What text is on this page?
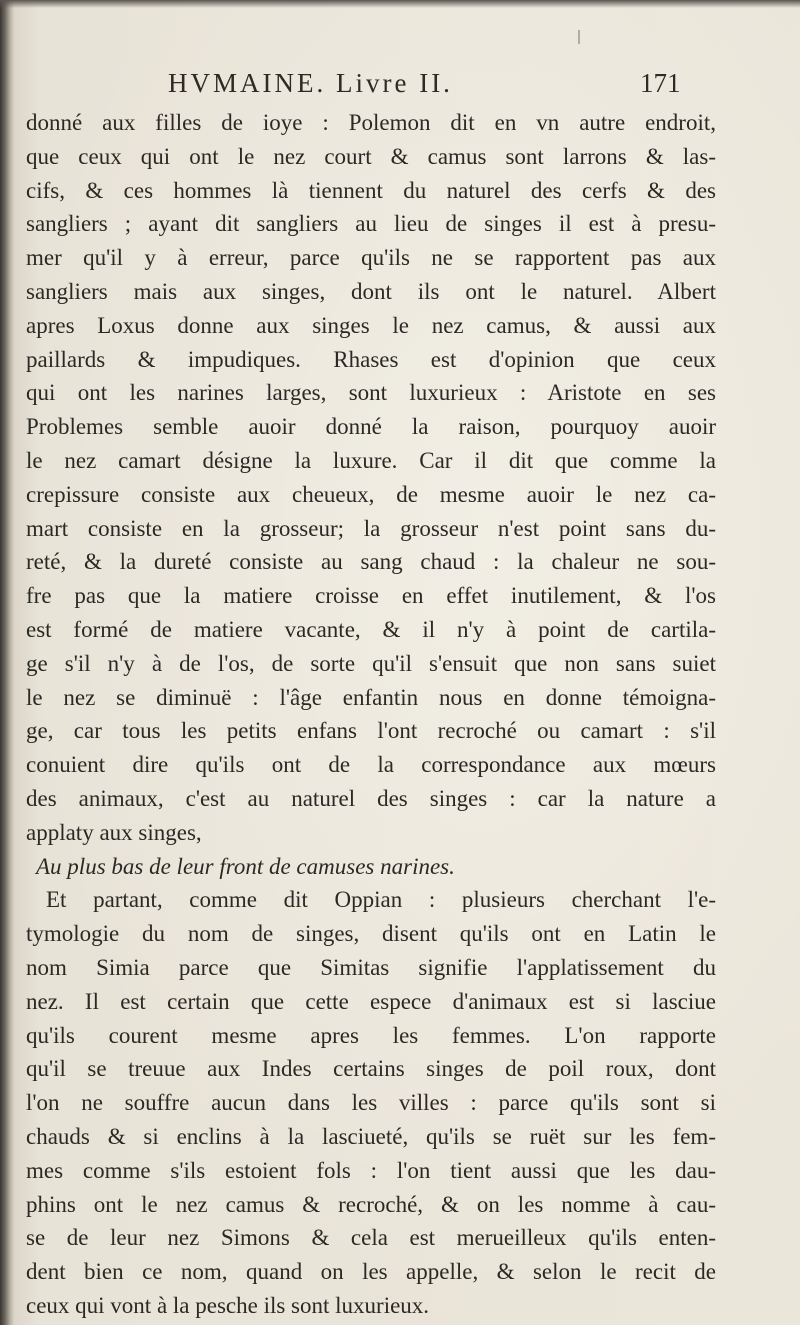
HVMAINE. Livre II.	171
donné aux filles de ioye : Polemon dit en vn autre endroit,
que ceux qui ont le nez court & camus sont larrons & las-
cifs, & ces hommes là tiennent du naturel des cerfs & des
sangliers ; ayant dit sangliers au lieu de singes il est à presu-
mer qu'il y à erreur, parce qu'ils ne se rapportent pas aux
sangliers mais aux singes, dont ils ont le naturel. Albert
apres Loxus donne aux singes le nez camus, & aussi aux
paillards & impudiques. Rhases est d'opinion que ceux
qui ont les narines larges, sont luxurieux : Aristote en ses
Problemes semble auoir donné la raison, pourquoy auoir
le nez camart désigne la luxure. Car il dit que comme la
crepissure consiste aux cheueux, de mesme auoir le nez ca-
mart consiste en la grosseur; la grosseur n'est point sans du-
reté, & la dureté consiste au sang chaud : la chaleur ne sou-
fre pas que la matiere croisse en effet inutilement, & l'os
est formé de matiere vacante, & il n'y à point de cartila-
ge s'il n'y à de l'os, de sorte qu'il s'ensuit que non sans suiet
le nez se diminuë : l'âge enfantin nous en donne témoigna-
ge, car tous les petits enfans l'ont recroché ou camart : s'il
conuient dire qu'ils ont de la correspondance aux mœurs
des animaux, c'est au naturel des singes : car la nature a
applaty aux singes,
Au plus bas de leur front de camuses narines.
Et partant, comme dit Oppian : plusieurs cherchant l'e-
tymologie du nom de singes, disent qu'ils ont en Latin le
nom Simia parce que Simitas signifie l'applatissement du
nez. Il est certain que cette espece d'animaux est si lasciue
qu'ils courent mesme apres les femmes. L'on rapporte
qu'il se treuue aux Indes certains singes de poil roux, dont
l'on ne souffre aucun dans les villes : parce qu'ils sont si
chauds & si enclins à la lasciueté, qu'ils se ruët sur les fem-
mes comme s'ils estoient fols : l'on tient aussi que les dau-
phins ont le nez camus & recroché, & on les nomme à cau-
se de leur nez Simons & cela est merueilleux qu'ils enten-
dent bien ce nom, quand on les appelle, & selon le recit de
ceux qui vont à la pesche ils sont luxurieux.
